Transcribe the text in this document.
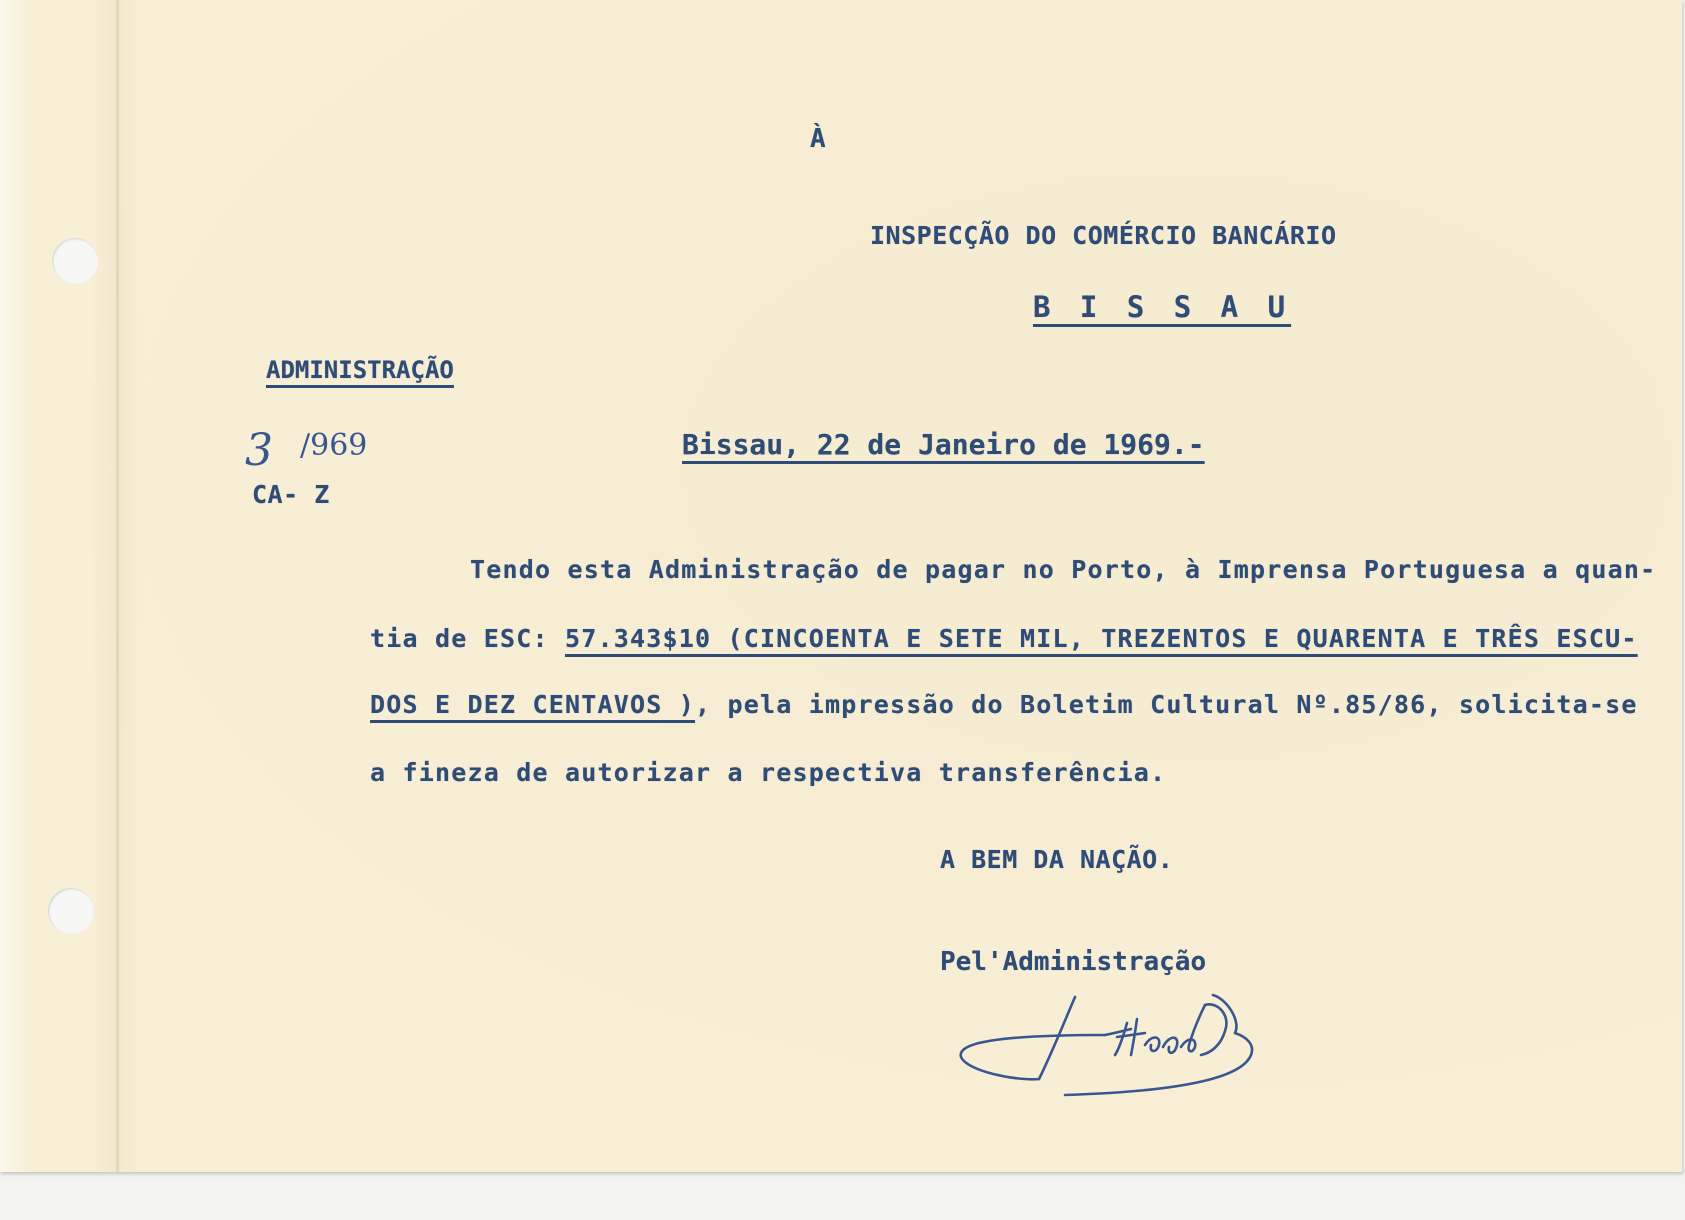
À

INSPECÇÃO DO COMÉRCIO BANCÁRIO

B I S S A U

ADMINISTRAÇÃO

3 /969

CA- Z

Bissau, 22 de Janeiro de 1969.-

Tendo esta Administração de pagar no Porto, à Imprensa Portuguesa a quan-

tia de ESC: 57.343$10 (CINCOENTA E SETE MIL, TREZENTOS E QUARENTA E TRÊS ESCU-

DOS E DEZ CENTAVOS ), pela impressão do Boletim Cultural Nº.85/86, solicita-se

a fineza de autorizar a respectiva transferência.

A BEM DA NAÇÃO.

Pel'Administração
